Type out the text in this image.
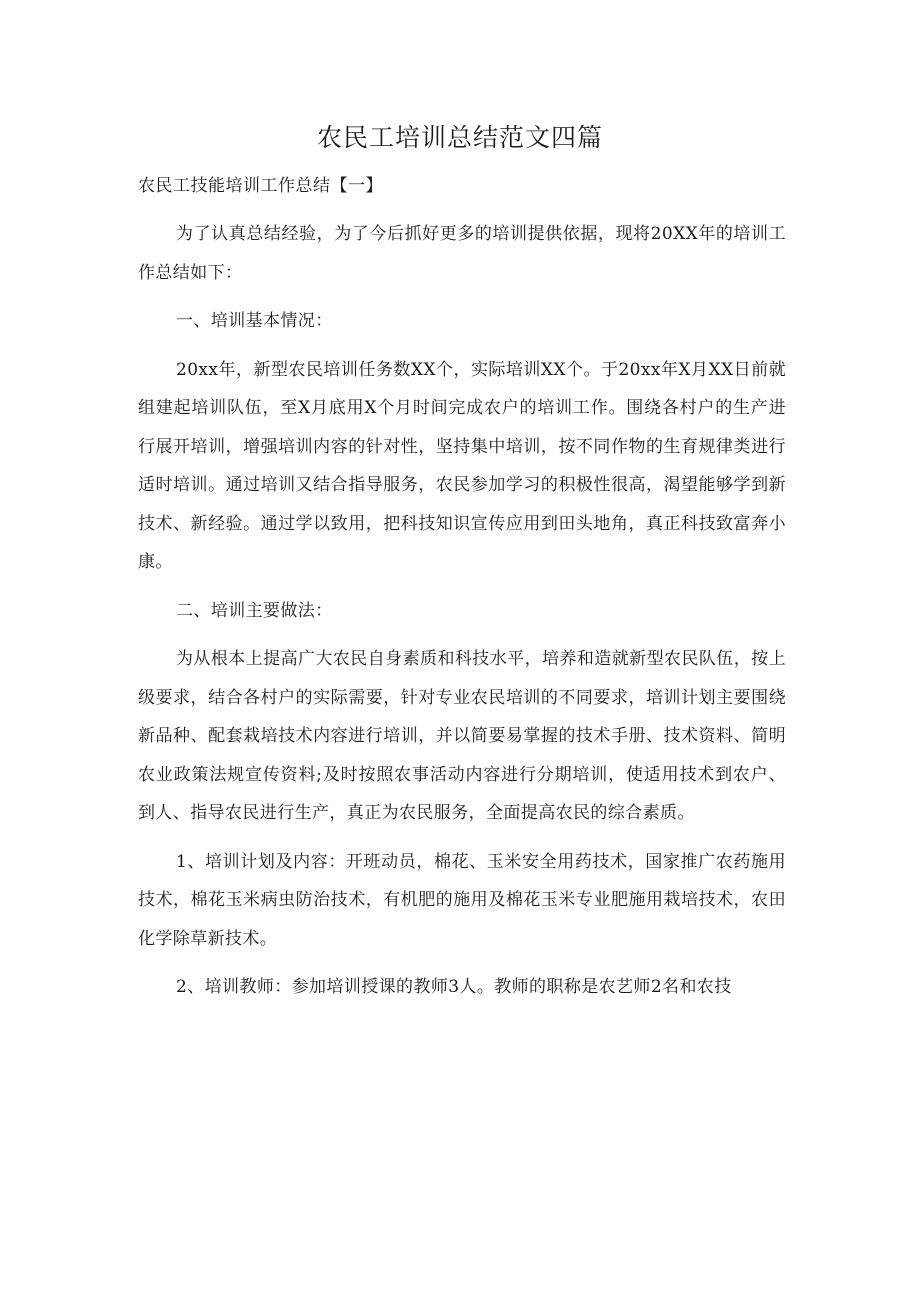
农民工培训总结范文四篇

农民工技能培训工作总结【一】

为了认真总结经验，为了今后抓好更多的培训提供依据，现将20XX年的培训工作总结如下：

一、培训基本情况：

20xx年，新型农民培训任务数XX个，实际培训XX个。于20xx年X月XX日前就组建起培训队伍，至X月底用X个月时间完成农户的培训工作。围绕各村户的生产进行展开培训，增强培训内容的针对性，坚持集中培训，按不同作物的生育规律类进行适时培训。通过培训又结合指导服务，农民参加学习的积极性很高，渴望能够学到新技术、新经验。通过学以致用，把科技知识宣传应用到田头地角，真正科技致富奔小康。

二、培训主要做法：

为从根本上提高广大农民自身素质和科技水平，培养和造就新型农民队伍，按上级要求，结合各村户的实际需要，针对专业农民培训的不同要求，培训计划主要围绕新品种、配套栽培技术内容进行培训，并以简要易掌握的技术手册、技术资料、简明农业政策法规宣传资料;及时按照农事活动内容进行分期培训，使适用技术到农户、到人、指导农民进行生产，真正为农民服务，全面提高农民的综合素质。

1、培训计划及内容：开班动员，棉花、玉米安全用药技术，国家推广农药施用技术，棉花玉米病虫防治技术，有机肥的施用及棉花玉米专业肥施用栽培技术，农田化学除草新技术。

2、培训教师：参加培训授课的教师3人。教师的职称是农艺师2名和农技
